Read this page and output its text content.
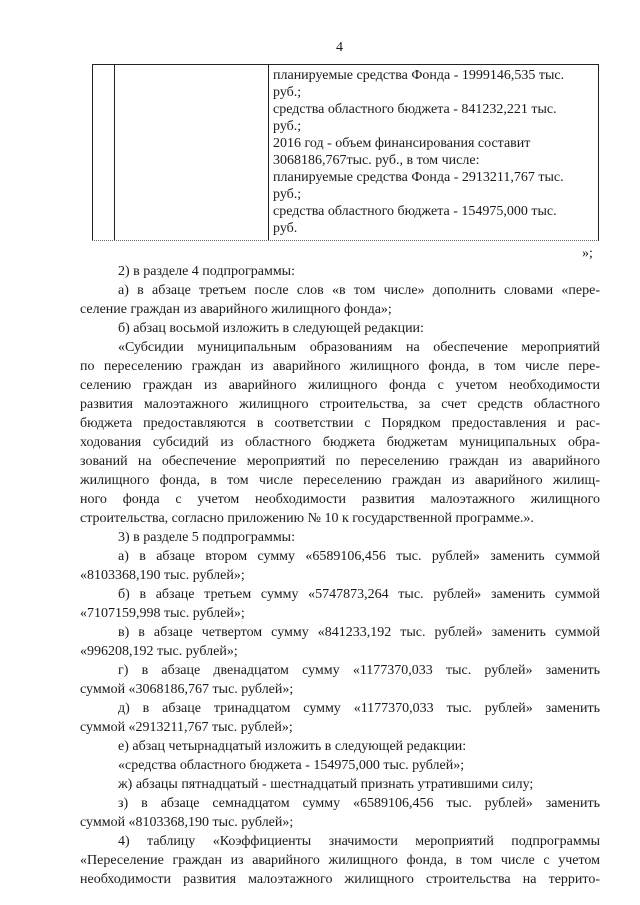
4
планируемые средства Фонда - 1999146,535 тыс.
руб.;
средства областного бюджета - 841232,221 тыс.
руб.;
2016 год - объем финансирования составит
3068186,767тыс. руб., в том числе:
планируемые средства Фонда - 2913211,767 тыс.
руб.;
средства областного бюджета - 154975,000 тыс.
руб.
»;
2) в разделе 4 подпрограммы:
а) в абзаце третьем после слов «в том числе» дополнить словами «пере-
селение граждан из аварийного жилищного фонда»;
б) абзац восьмой изложить в следующей редакции:
«Субсидии муниципальным образованиям на обеспечение мероприятий
по переселению граждан из аварийного жилищного фонда, в том числе пере-
селению граждан из аварийного жилищного фонда с учетом необходимости
развития малоэтажного жилищного строительства, за счет средств областного
бюджета предоставляются в соответствии с Порядком предоставления и рас-
ходования субсидий из областного бюджета бюджетам муниципальных обра-
зований на обеспечение мероприятий по переселению граждан из аварийного
жилищного фонда, в том числе переселению граждан из аварийного жилищ-
ного фонда с учетом необходимости развития малоэтажного жилищного
строительства, согласно приложению № 10 к государственной программе.».
3) в разделе 5 подпрограммы:
а) в абзаце втором сумму «6589106,456 тыс. рублей» заменить суммой
«8103368,190 тыс. рублей»;
б) в абзаце третьем сумму «5747873,264 тыс. рублей» заменить суммой
«7107159,998 тыс. рублей»;
в) в абзаце четвертом сумму «841233,192 тыс. рублей» заменить суммой
«996208,192 тыс. рублей»;
г) в абзаце двенадцатом сумму «1177370,033 тыс. рублей» заменить
суммой «3068186,767 тыс. рублей»;
д) в абзаце тринадцатом сумму «1177370,033 тыс. рублей» заменить
суммой «2913211,767 тыс. рублей»;
е) абзац четырнадцатый изложить в следующей редакции:
«средства областного бюджета - 154975,000 тыс. рублей»;
ж) абзацы пятнадцатый - шестнадцатый признать утратившими силу;
з) в абзаце семнадцатом сумму «6589106,456 тыс. рублей» заменить
суммой «8103368,190 тыс. рублей»;
4) таблицу «Коэффициенты значимости мероприятий подпрограммы
«Переселение граждан из аварийного жилищного фонда, в том числе с учетом
необходимости развития малоэтажного жилищного строительства на террито-
